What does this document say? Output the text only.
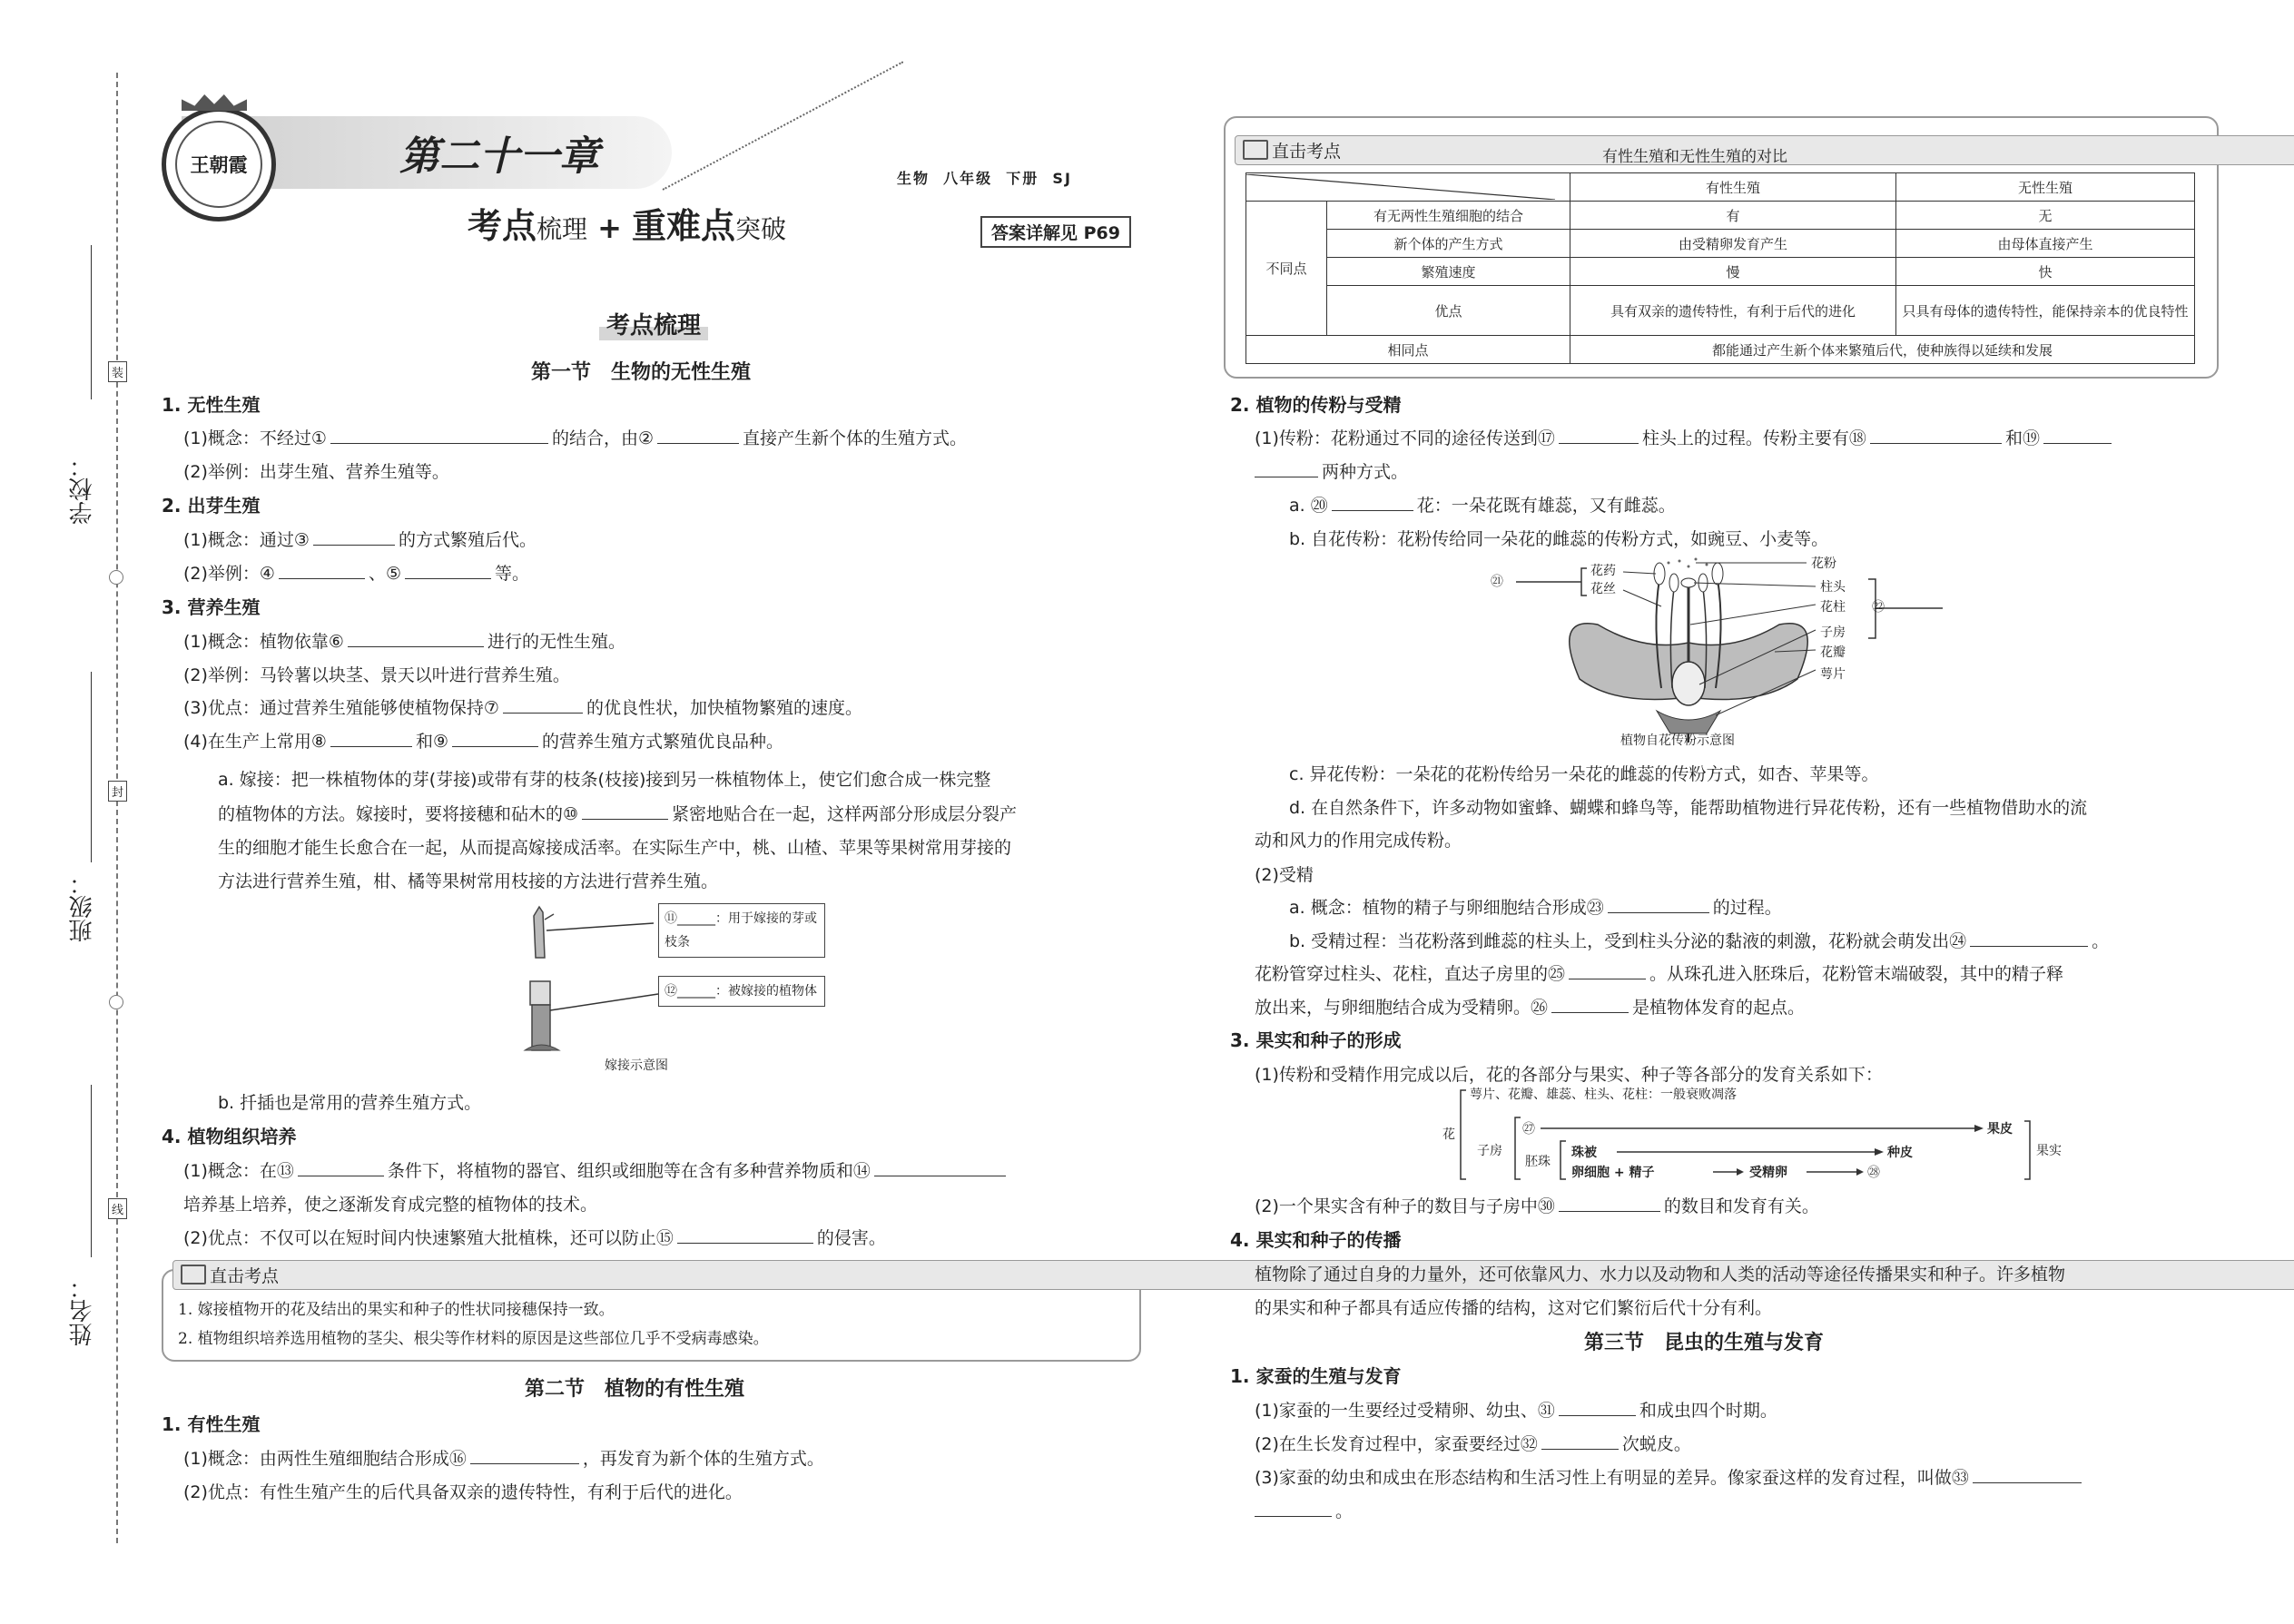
学校：
班级：
姓名：
装
封
线
王朝霞	第二十一章
考点梳理 + 重难点突破
生物  八年级  下册  SJ
答案详解见 P69
考点梳理
第一节　生物的无性生殖
1. 无性生殖
(1)概念：不经过①	的结合，由②	直接产生新个体的生殖方式。
(2)举例：出芽生殖、营养生殖等。
2. 出芽生殖
(1)概念：通过③	的方式繁殖后代。
(2)举例：④	、⑤	等。
3. 营养生殖
(1)概念：植物依靠⑥	进行的无性生殖。
(2)举例：马铃薯以块茎、景天以叶进行营养生殖。
(3)优点：通过营养生殖能够使植物保持⑦	的优良性状，加快植物繁殖的速度。
(4)在生产上常用⑧	和⑨	的营养生殖方式繁殖优良品种。
a. 嫁接：把一株植物体的芽(芽接)或带有芽的枝条(枝接)接到另一株植物体上，使它们愈合成一株完整
的植物体的方法。嫁接时，要将接穗和砧木的⑩	紧密地贴合在一起，这样两部分形成层分裂产
生的细胞才能生长愈合在一起，从而提高嫁接成活率。在实际生产中，桃、山楂、苹果等果树常用芽接的
方法进行营养生殖，柑、橘等果树常用枝接的方法进行营养生殖。
⑪______：用于嫁接的芽或枝条
⑫______：被嫁接的植物体
嫁接示意图
b. 扦插也是常用的营养生殖方式。
4. 植物组织培养
(1)概念：在⑬	条件下，将植物的器官、组织或细胞等在含有多种营养物质和⑭
培养基上培养，使之逐渐发育成完整的植物体的技术。
(2)优点：不仅可以在短时间内快速繁殖大批植株，还可以防止⑮	的侵害。
直击考点
1. 嫁接植物开的花及结出的果实和种子的性状同接穗保持一致。
2. 植物组织培养选用植物的茎尖、根尖等作材料的原因是这些部位几乎不受病毒感染。
第二节　植物的有性生殖
1. 有性生殖
(1)概念：由两性生殖细胞结合形成⑯	，再发育为新个体的生殖方式。
(2)优点：有性生殖产生的后代具备双亲的遗传特性，有利于后代的进化。
直击考点	有性生殖和无性生殖的对比
	有性生殖	无性生殖
不同点	有无两性生殖细胞的结合	有	无
	新个体的产生方式	由受精卵发育产生	由母体直接产生
	繁殖速度	慢	快
	优点	具有双亲的遗传特性，有利于后代的进化	只具有母体的遗传特性，能保持亲本的优良特性
相同点		都能通过产生新个体来繁殖后代，使种族得以延续和发展	
2. 植物的传粉与受精
(1)传粉：花粉通过不同的途径传送到⑰	柱头上的过程。传粉主要有⑱	和⑲
两种方式。
a. ⑳	花：一朵花既有雄蕊，又有雌蕊。
b. 自花传粉：花粉传给同一朵花的雌蕊的传粉方式，如豌豆、小麦等。
㉑
花药
花丝
花粉
柱头
花柱
子房
花瓣
萼片
㉒
植物自花传粉示意图
c. 异花传粉：一朵花的花粉传给另一朵花的雌蕊的传粉方式，如杏、苹果等。
d. 在自然条件下，许多动物如蜜蜂、蝴蝶和蜂鸟等，能帮助植物进行异花传粉，还有一些植物借助水的流
动和风力的作用完成传粉。
(2)受精
a. 概念：植物的精子与卵细胞结合形成㉓	的过程。
b. 受精过程：当花粉落到雌蕊的柱头上，受到柱头分泌的黏液的刺激，花粉就会萌发出㉔	。
花粉管穿过柱头、花柱，直达子房里的㉕	。从珠孔进入胚珠后，花粉管末端破裂，其中的精子释
放出来，与卵细胞结合成为受精卵。㉖	是植物体发育的起点。
3. 果实和种子的形成
(1)传粉和受精作用完成以后，花的各部分与果实、种子等各部分的发育关系如下：
花
萼片、花瓣、雄蕊、柱头、花柱：一般衰败凋落
子房
㉗	果皮
胚珠
珠被	种皮
卵细胞 + 精子	受精卵	㉘
果实
(2)一个果实含有种子的数目与子房中㉚	的数目和发育有关。
4. 果实和种子的传播
植物除了通过自身的力量外，还可依靠风力、水力以及动物和人类的活动等途径传播果实和种子。许多植物
的果实和种子都具有适应传播的结构，这对它们繁衍后代十分有利。
第三节　昆虫的生殖与发育
1. 家蚕的生殖与发育
(1)家蚕的一生要经过受精卵、幼虫、㉛	和成虫四个时期。
(2)在生长发育过程中，家蚕要经过㉜	次蜕皮。
(3)家蚕的幼虫和成虫在形态结构和生活习性上有明显的差异。像家蚕这样的发育过程，叫做㉝
。
